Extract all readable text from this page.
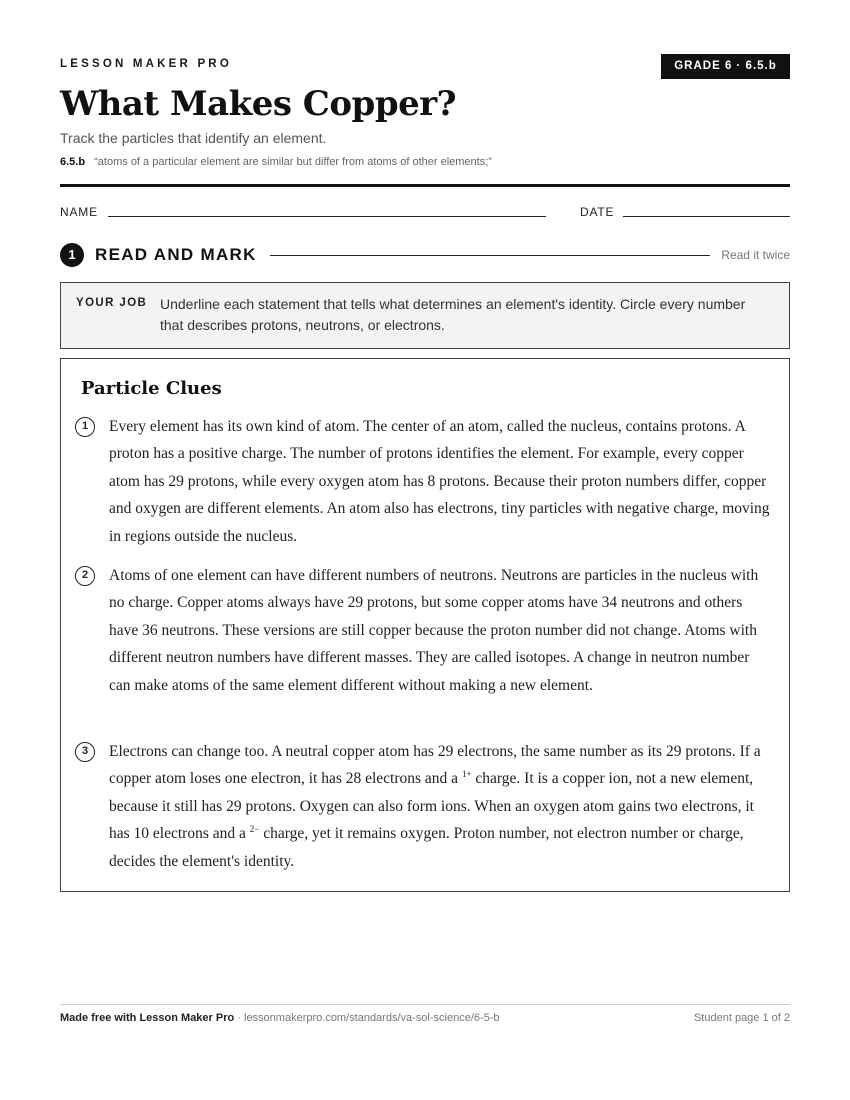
LESSON MAKER PRO	GRADE 6 · 6.5.b
What Makes Copper?
Track the particles that identify an element.
6.5.b “atoms of a particular element are similar but differ from atoms of other elements;”
NAME	DATE
1	READ AND MARK	Read it twice
YOUR JOB Underline each statement that tells what determines an element's identity. Circle every number that describes protons, neutrons, or electrons.
Particle Clues
1	Every element has its own kind of atom. The center of an atom, called the nucleus, contains protons. A proton has a positive charge. The number of protons identifies the element. For example, every copper atom has 29 protons, while every oxygen atom has 8 protons. Because their proton numbers differ, copper and oxygen are different elements. An atom also has electrons, tiny particles with negative charge, moving in regions outside the nucleus.

2	Atoms of one element can have different numbers of neutrons. Neutrons are particles in the nucleus with no charge. Copper atoms always have 29 protons, but some copper atoms have 34 neutrons and others have 36 neutrons. These versions are still copper because the proton number did not change. Atoms with different neutron numbers have different masses. They are called isotopes. A change in neutron number can make atoms of the same element different without making a new element.

3	Electrons can change too. A neutral copper atom has 29 electrons, the same number as its 29 protons. If a copper atom loses one electron, it has 28 electrons and a $^{1+}$ charge. It is a copper ion, not a new element, because it still has 29 protons. Oxygen can also form ions. When an oxygen atom gains two electrons, it has 10 electrons and a $^{2-}$ charge, yet it remains oxygen. Proton number, not electron number or charge, decides the element's identity.

Made free with Lesson Maker Pro · lessonmakerpro.com/standards/va-sol-science/6-5-b	Student page 1 of 2
